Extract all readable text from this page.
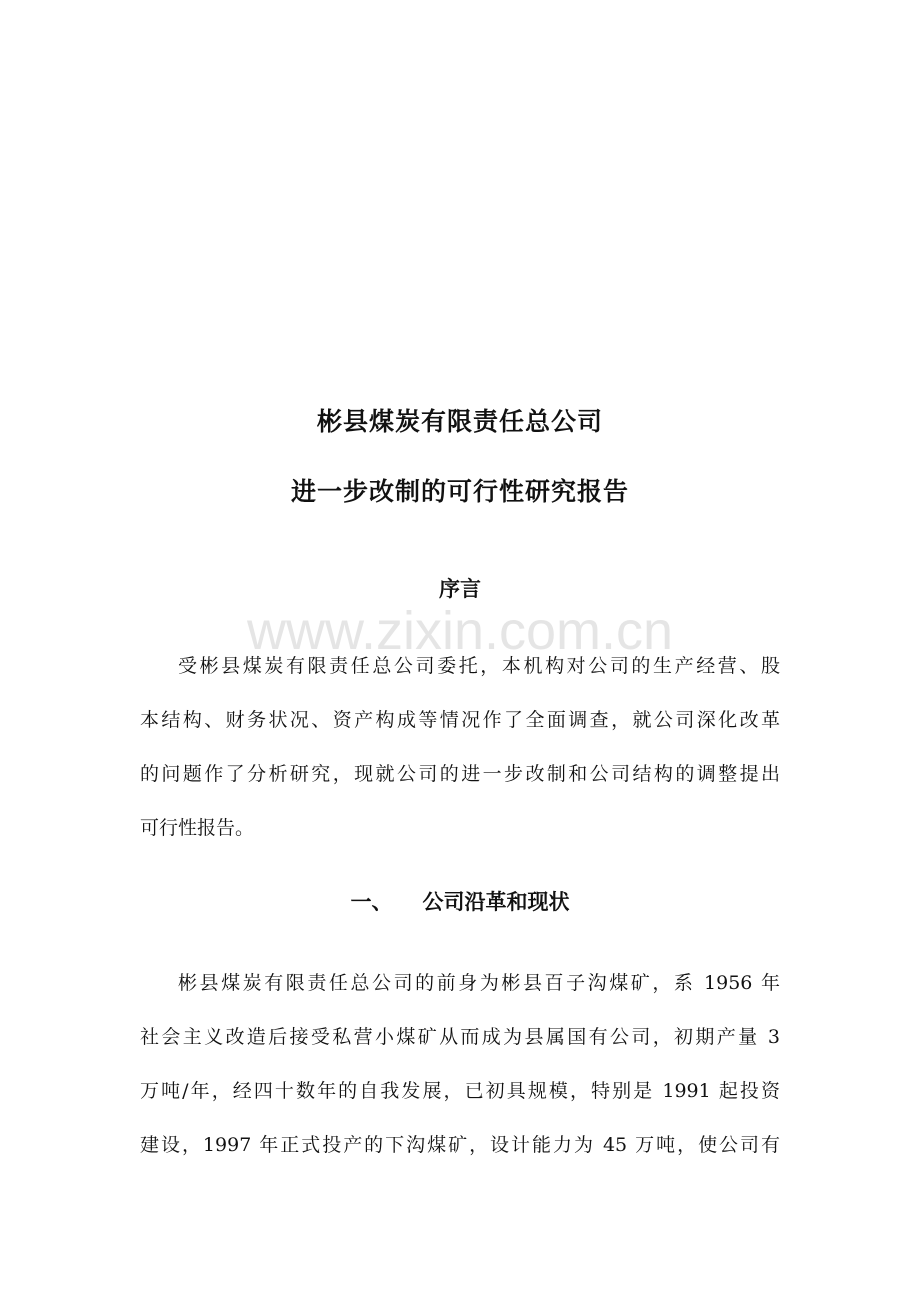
www.zixin.com.cn
彬县煤炭有限责任总公司
进一步改制的可行性研究报告
序言
受彬县煤炭有限责任总公司委托，本机构对公司的生产经营、股
本结构、财务状况、资产构成等情况作了全面调查，就公司深化改革
的问题作了分析研究，现就公司的进一步改制和公司结构的调整提出
可行性报告。
一、 公司沿革和现状
彬县煤炭有限责任总公司的前身为彬县百子沟煤矿，系 1956 年
社会主义改造后接受私营小煤矿从而成为县属国有公司，初期产量 3
万吨/年，经四十数年的自我发展，已初具规模，特别是 1991 起投资
建设，1997 年正式投产的下沟煤矿，设计能力为 45 万吨，使公司有
